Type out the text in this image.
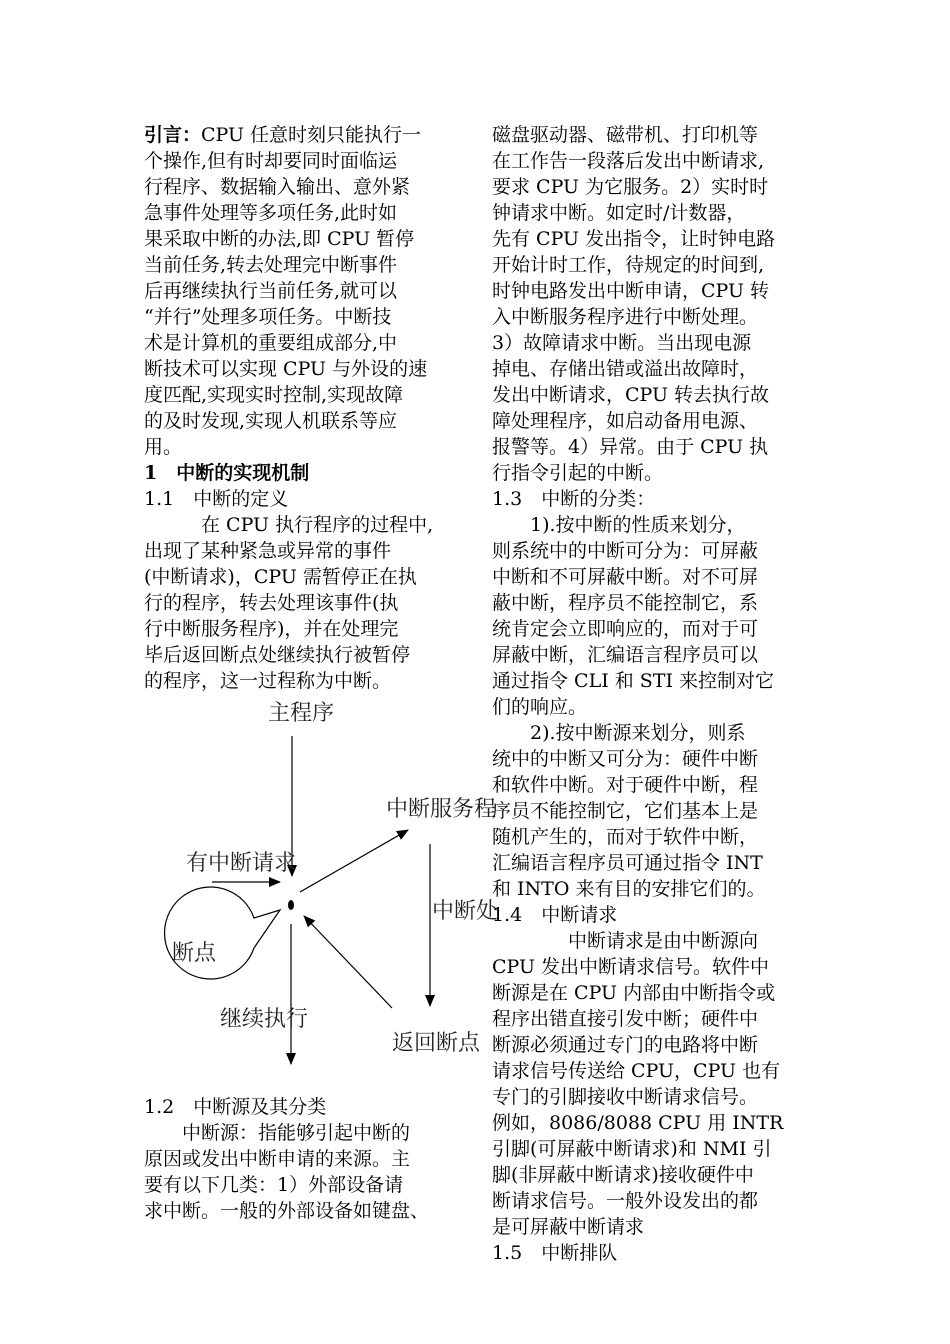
引言：CPU 任意时刻只能执行一
个操作,但有时却要同时面临运
行程序、数据输入输出、意外紧
急事件处理等多项任务,此时如
果采取中断的办法,即 CPU 暂停
当前任务,转去处理完中断事件
后再继续执行当前任务,就可以
“并行”处理多项任务。中断技
术是计算机的重要组成部分,中
断技术可以实现 CPU 与外设的速
度匹配,实现实时控制,实现故障
的及时发现,实现人机联系等应
用。
1　中断的实现机制
1.1　中断的定义
　　　在 CPU 执行程序的过程中,
出现了某种紧急或异常的事件
(中断请求)，CPU 需暂停正在执
行的程序，转去处理该事件(执
行中断服务程序)，并在处理完
毕后返回断点处继续执行被暂停
的程序，这一过程称为中断。
主程序
有中断请求
中断服务程
中断处
断点
继续执行
返回断点
1.2　中断源及其分类
　　中断源：指能够引起中断的
原因或发出中断申请的来源。主
要有以下几类：1）外部设备请
求中断。一般的外部设备如键盘、
磁盘驱动器、磁带机、打印机等
在工作告一段落后发出中断请求,
要求 CPU 为它服务。2）实时时
钟请求中断。如定时/计数器，
先有 CPU 发出指令，让时钟电路
开始计时工作，待规定的时间到,
时钟电路发出中断申请，CPU 转
入中断服务程序进行中断处理。
3）故障请求中断。当出现电源
掉电、存储出错或溢出故障时，
发出中断请求，CPU 转去执行故
障处理程序，如启动备用电源、
报警等。4）异常。由于 CPU 执
行指令引起的中断。
1.3　中断的分类：
　　1).按中断的性质来划分，
则系统中的中断可分为：可屏蔽
中断和不可屏蔽中断。对不可屏
蔽中断，程序员不能控制它，系
统肯定会立即响应的，而对于可
屏蔽中断，汇编语言程序员可以
通过指令 CLI 和 STI 来控制对它
们的响应。
　　2).按中断源来划分，则系
统中的中断又可分为：硬件中断
和软件中断。对于硬件中断，程
序员不能控制它，它们基本上是
随机产生的，而对于软件中断，
汇编语言程序员可通过指令 INT
和 INTO 来有目的安排它们的。
1.4　中断请求
　　　　中断请求是由中断源向
CPU 发出中断请求信号。软件中
断源是在 CPU 内部由中断指令或
程序出错直接引发中断；硬件中
断源必须通过专门的电路将中断
请求信号传送给 CPU，CPU 也有
专门的引脚接收中断请求信号。
例如，8086/8088 CPU 用 INTR
引脚(可屏蔽中断请求)和 NMI 引
脚(非屏蔽中断请求)接收硬件中
断请求信号。一般外设发出的都
是可屏蔽中断请求
1.5　中断排队
